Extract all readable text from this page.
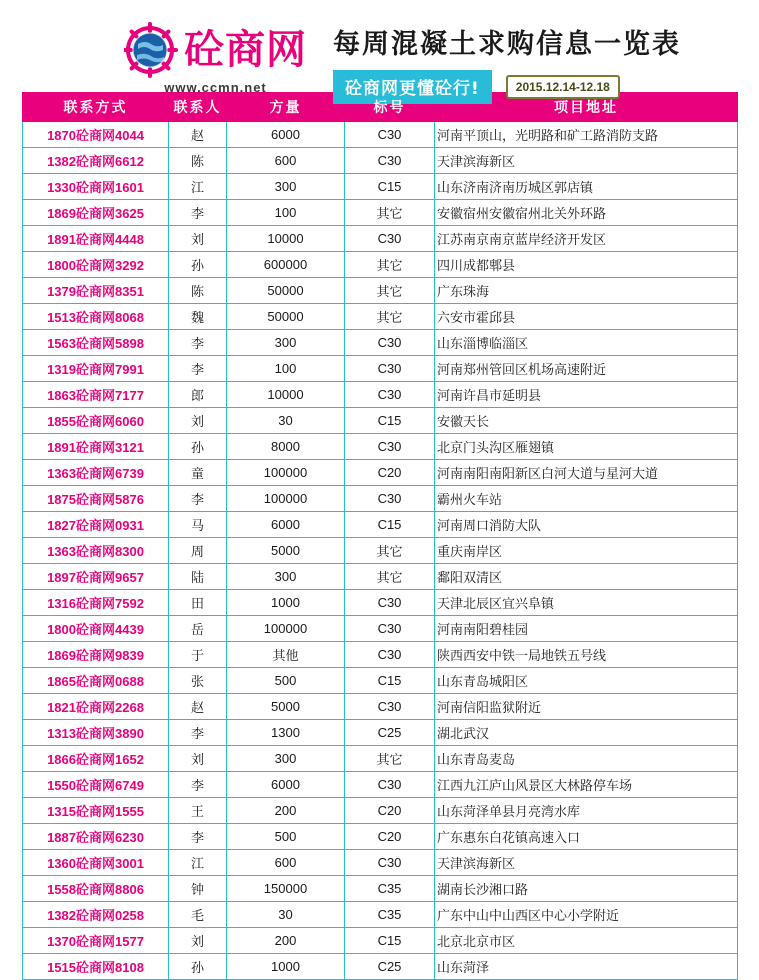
砼商网
www.ccmn.net
每周混凝土求购信息一览表
砼商网更懂砼行!	2015.12.14-12.18
联系方式	联系人	方量	标号	项目地址
1870砼商网4044	赵	6000	C30	河南平顶山，光明路和矿工路消防支路
1382砼商网6612	陈	600	C30	天津滨海新区
1330砼商网1601	江	300	C15	山东济南济南历城区郭店镇
1869砼商网3625	李	100	其它	安徽宿州安徽宿州北关外环路
1891砼商网4448	刘	10000	C30	江苏南京南京蓝岸经济开发区
1800砼商网3292	孙	600000	其它	四川成都郫县
1379砼商网8351	陈	50000	其它	广东珠海
1513砼商网8068	魏	50000	其它	六安市霍邱县
1563砼商网5898	李	300	C30	山东淄博临淄区
1319砼商网7991	李	100	C30	河南郑州管回区机场高速附近
1863砼商网7177	郎	10000	C30	河南许昌市延明县
1855砼商网6060	刘	30	C15	安徽天长
1891砼商网3121	孙	8000	C30	北京门头沟区雁翅镇
1363砼商网6739	童	100000	C20	河南南阳南阳新区白河大道与星河大道
1875砼商网5876	李	100000	C30	霸州火车站
1827砼商网0931	马	6000	C15	河南周口消防大队
1363砼商网8300	周	5000	其它	重庆南岸区
1897砼商网9657	陆	300	其它	鄱阳双清区
1316砼商网7592	田	1000	C30	天津北辰区宜兴阜镇
1800砼商网4439	岳	100000	C30	河南南阳碧桂园
1869砼商网9839	于	其他	C30	陕西西安中铁一局地铁五号线
1865砼商网0688	张	500	C15	山东青岛城阳区
1821砼商网2268	赵	5000	C30	河南信阳监狱附近
1313砼商网3890	李	1300	C25	湖北武汉
1866砼商网1652	刘	300	其它	山东青岛麦岛
1550砼商网6749	李	6000	C30	江西九江庐山风景区大林路停车场
1315砼商网1555	王	200	C20	山东菏泽单县月亮湾水库
1887砼商网6230	李	500	C20	广东惠东白花镇高速入口
1360砼商网3001	江	600	C30	天津滨海新区
1558砼商网8806	钟	150000	C35	湖南长沙湘口路
1382砼商网0258	毛	30	C35	广东中山中山西区中心小学附近
1370砼商网1577	刘	200	C15	北京北京市区
1515砼商网8108	孙	1000	C25	山东菏泽
